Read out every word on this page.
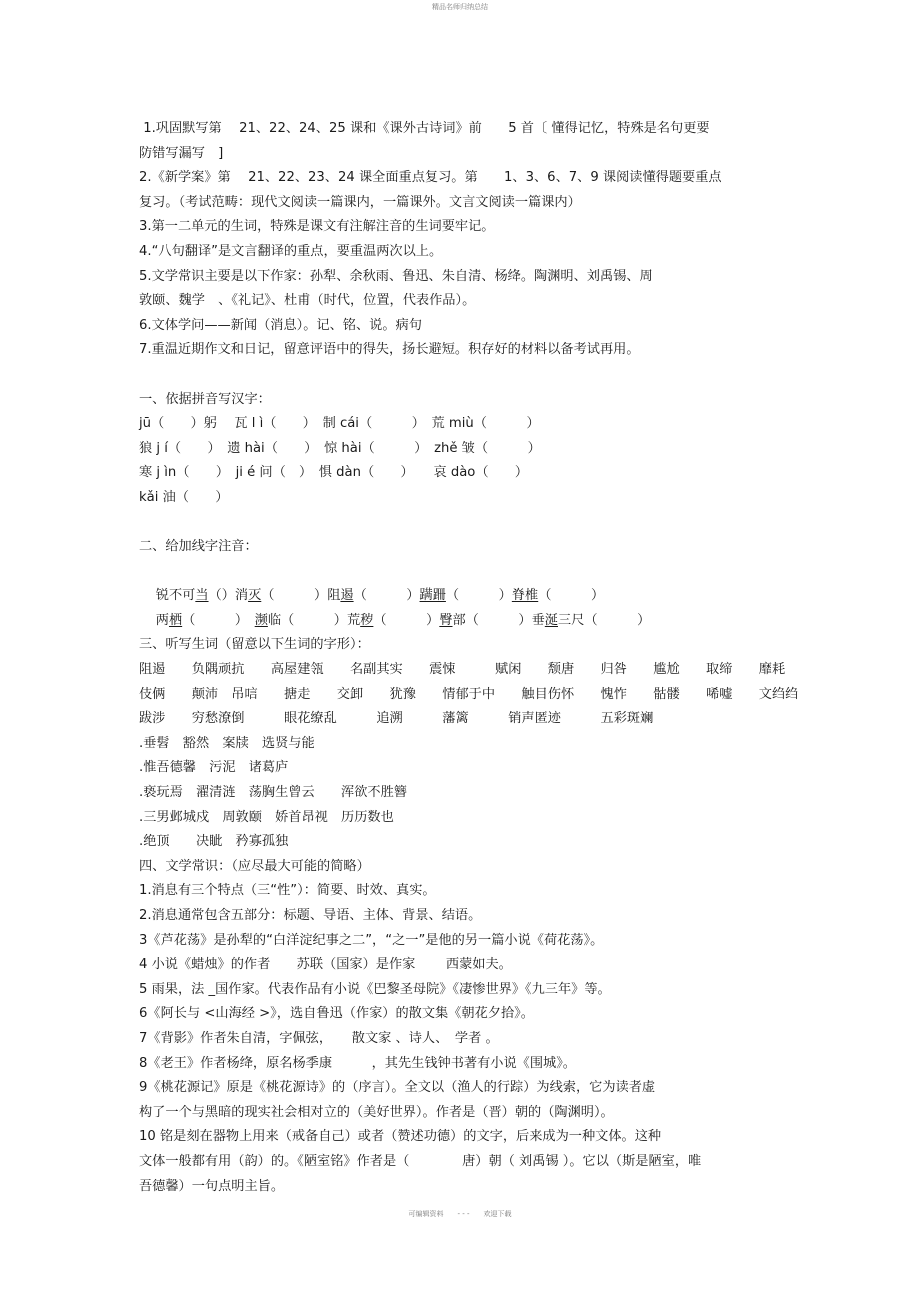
精品名师归纳总结
1.巩固默写第　 21、22、24、25 课和《课外古诗词》前　　5 首〔 懂得记忆，特殊是名句更要
防错写漏写　]
2.《新学案》第　 21、22、23、24 课全面重点复习。第　　1、3、6、7、9 课阅读懂得题要重点
复习。（考试范畴：现代文阅读一篇课内，一篇课外。文言文阅读一篇课内）
3.第一二单元的生词，特殊是课文有注解注音的生词要牢记。
4.“八句翻译”是文言翻译的重点，要重温两次以上。
5.文学常识主要是以下作家：孙犁、余秋雨、鲁迅、朱自清、杨绛。陶渊明、刘禹锡、周
敦颐、魏学　、《礼记》、杜甫（时代，位置，代表作品）。
6.文体学问——新闻（消息）。记、铭、说。病句
7.重温近期作文和日记，留意评语中的得失，扬长避短。积存好的材料以备考试再用。
一、依据拼音写汉字：
jū（　　）躬　 瓦 l ì（　　）　制 cái（　　　）　荒 miù（　　　）
狼 j í（　　）　遗 hài（　　）　惊 hài（　　　）　zhě 皱（　　　）
寒 j ìn（　　）　ji é 问（　）　惧 dàn（　　）　　哀 dào（　　）
kǎi 油（　　）
二、给加线字注音：

锐不可当（）消灭（　　　）阻遏（　　　）蹒跚（　　　）脊椎（　　　）

两栖（　　　）　濒临（　　　）荒秽（　　　）臀部（　　　）垂涎三尺（　　　）

三、听写生词（留意以下生词的字形）：
阻遏　　负隅顽抗　　高屋建瓴　　名副其实　　震悚　　　赋闲　　颓唐　　归咎　　尴尬　　取缔　　靡耗
伎俩　　颠沛　吊唁　　搪走　　交卸　　犹豫　　情郁于中　　触目伤怀　　愧怍　　骷髅　　唏嘘　　文绉绉
跋涉　　穷愁潦倒　　　眼花缭乱　　　追溯　　　藩篱　　　销声匿迹　　　五彩斑斓
.垂髫　豁然　案牍　选贤与能
.惟吾德馨　污泥　诸葛庐
.亵玩焉　濯清涟　荡胸生曾云　　浑欲不胜簪
.三男邺城戍　周敦颐　娇首昂视　历历数也
.绝顶　　决眦　矜寡孤独
四、文学常识：（应尽最大可能的简略）
1.消息有三个特点（三“性”）：简要、时效、真实。
2.消息通常包含五部分：标题、导语、主体、背景、结语。
3《芦花荡》是孙犁的“白洋淀纪事之二”，“之一”是他的另一篇小说《荷花荡》。
4 小说《蜡烛》的作者　　苏联（国家）是作家　　 西蒙如夫。
5 雨果，法 _国作家。代表作品有小说《巴黎圣母院》《凄惨世界》《九三年》等。
6《阿长与 <山海经 >》，选自鲁迅（作家）的散文集《朝花夕拾》。
7《背影》作者朱自清，字佩弦，　　散文家 、诗人、　学者 。
8《老王》作者杨绛，原名杨季康　　　，其先生钱钟书著有小说《围城》。
9《桃花源记》原是《桃花源诗》的（序言）。全文以（渔人的行踪）为线索，它为读者虚
构了一个与黑暗的现实社会相对立的（美好世界）。作者是（晋）朝的（陶渊明）。
10 铭是刻在器物上用来（戒备自己）或者（赞述功德）的文字，后来成为一种文体。这种
文体一般都有用（韵）的。《陋室铭》作者是（　　　　唐）朝（ 刘禹锡 ）。它以（斯是陋室，唯
吾德馨）一句点明主旨。
可编辑资料　　- - -　　欢迎下载
